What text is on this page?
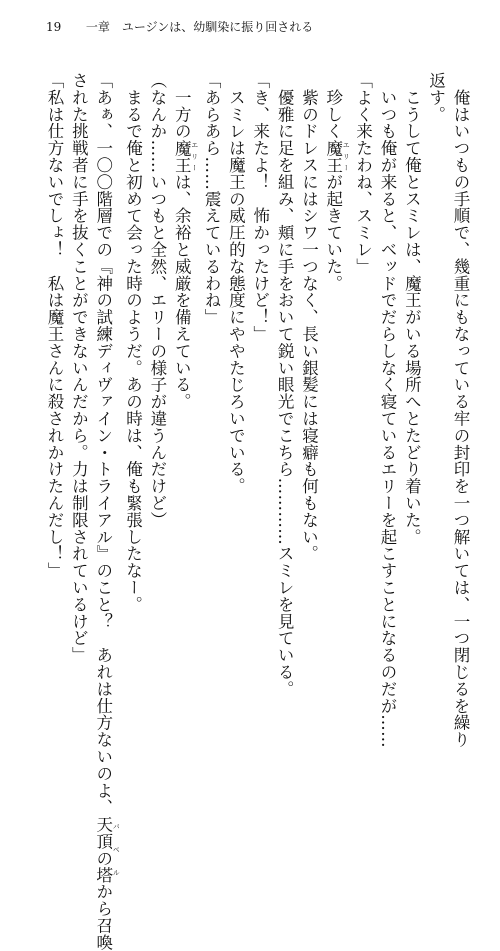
19 一章　ユージンは、幼馴染に振り回される
　俺はいつもの手順で、幾重にもなっている牢の封印を一つ解いては、一つ閉じるを繰り
返す。
　こうして俺とスミレは、魔王がいる場所へとたどり着いた。
　いつも俺が来ると、ベッドでだらしなく寝ているエリーを起こすことになるのだが……
「よく来たわね、スミレ」
　珍しく魔王 エリーが起きていた。
　紫のドレスにはシワ一つなく、長い銀髪には寝癖も何もない。
　優雅に足を組み、頬に手をおいて鋭い眼光でこちら…………スミレを見ている。
「き、来たよ！　怖かったけど！」
　スミレは魔王の威圧的な態度にややたじろいでいる。
「あらあら……震えているわね」
　一方の魔王 エリーは、余裕と威厳を備えている。
（なんか……いつもと全然、エリーの様子が違うんだけど）
　まるで俺と初めて会った時のようだ。あの時は、俺も緊張したなー。
「あぁ、一〇〇階層での『神の試練ディヴァイン・トライアル』のこと？　あれは仕方ないのよ、天頂の塔 バベルから召喚
された挑戦者に手を抜くことができないんだから。力は制限されているけど」
「私は仕方ないでしょ！　私は魔王さんに殺されかけたんだし！」
